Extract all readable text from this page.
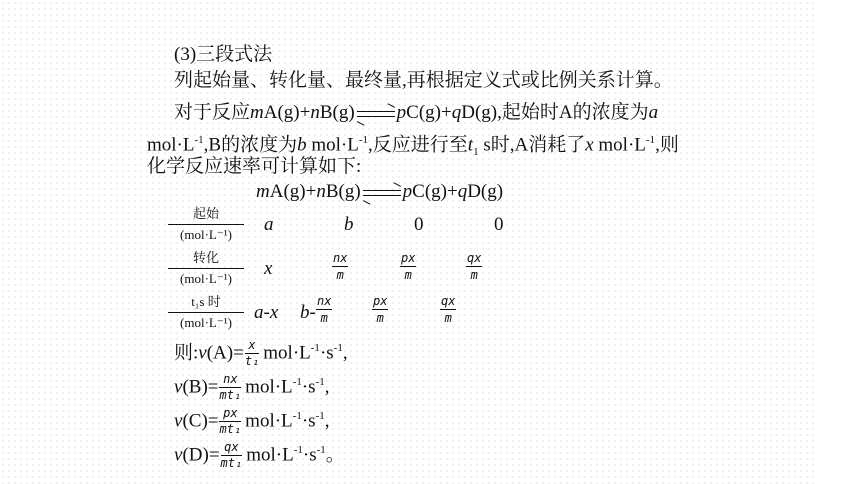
(3)三段式法
列起始量、转化量、最终量,再根据定义式或比例关系计算。
对于反应mA(g)+nB(g) → pC(g)+qD(g),起始时A的浓度为a
$mol\cdot L^{-1},B$的浓度为b $mol\cdot L^{-1}$,反应进行至$t_1$ s时,A消耗了x $mol\cdot L^{-1}$,则
化学反应速率可计算如下:
mA(g)+nB(g) → pC(g)+qD(g)
起始
(mol·L⁻¹)	a	b	0	0
转化
(mol·L⁻¹)	x	$\frac{nx}{m}$	$\frac{px}{m}$	$\frac{qx}{m}$
t₁s 时
(mol·L⁻¹)	a-x $b- \frac{nx}{m}$	$\frac{px}{m}$	$\frac{qx}{m}$
则:v(A)= $\frac{x}{\text{t₁}} mol\cdot L^{-1}\cdot s^{-1}$,
$v(B)= \frac{nx}{\text{mt₁}} mol\cdot L^{-1}\cdot s^{-1}$,
$v(C)= \frac{px}{\text{mt₁}} mol\cdot L^{-1}\cdot s^{-1}$,
$v(D)= \frac{qx}{\text{mt₁}} mol\cdot L^{-1}\cdot s^{-1}$。
